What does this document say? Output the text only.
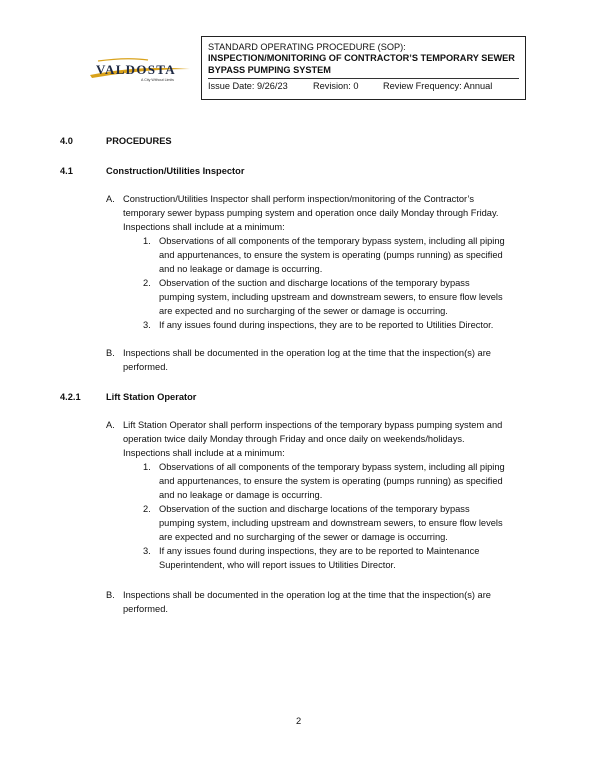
VALDOSTA
A City Without Limits
STANDARD OPERATING PROCEDURE (SOP):
INSPECTION/MONITORING OF CONTRACTOR’S TEMPORARY SEWER
BYPASS PUMPING SYSTEM
Issue Date: 9/26/23	Revision: 0	Review Frequency: Annual
4.0	PROCEDURES
4.1	Construction/Utilities Inspector
A. Construction/Utilities Inspector shall perform inspection/monitoring of the Contractor’s
temporary sewer bypass pumping system and operation once daily Monday through Friday.
Inspections shall include at a minimum:
1. Observations of all components of the temporary bypass system, including all piping
and appurtenances, to ensure the system is operating (pumps running) as specified
and no leakage or damage is occurring.
2. Observation of the suction and discharge locations of the temporary bypass
pumping system, including upstream and downstream sewers, to ensure flow levels
are expected and no surcharging of the sewer or damage is occurring.
3. If any issues found during inspections, they are to be reported to Utilities Director.
B. Inspections shall be documented in the operation log at the time that the inspection(s) are
performed.
4.2.1	Lift Station Operator
A. Lift Station Operator shall perform inspections of the temporary bypass pumping system and
operation twice daily Monday through Friday and once daily on weekends/holidays.
Inspections shall include at a minimum:
1. Observations of all components of the temporary bypass system, including all piping
and appurtenances, to ensure the system is operating (pumps running) as specified
and no leakage or damage is occurring.
2. Observation of the suction and discharge locations of the temporary bypass
pumping system, including upstream and downstream sewers, to ensure flow levels
are expected and no surcharging of the sewer or damage is occurring.
3. If any issues found during inspections, they are to be reported to Maintenance
Superintendent, who will report issues to Utilities Director.
B. Inspections shall be documented in the operation log at the time that the inspection(s) are
performed.
2
